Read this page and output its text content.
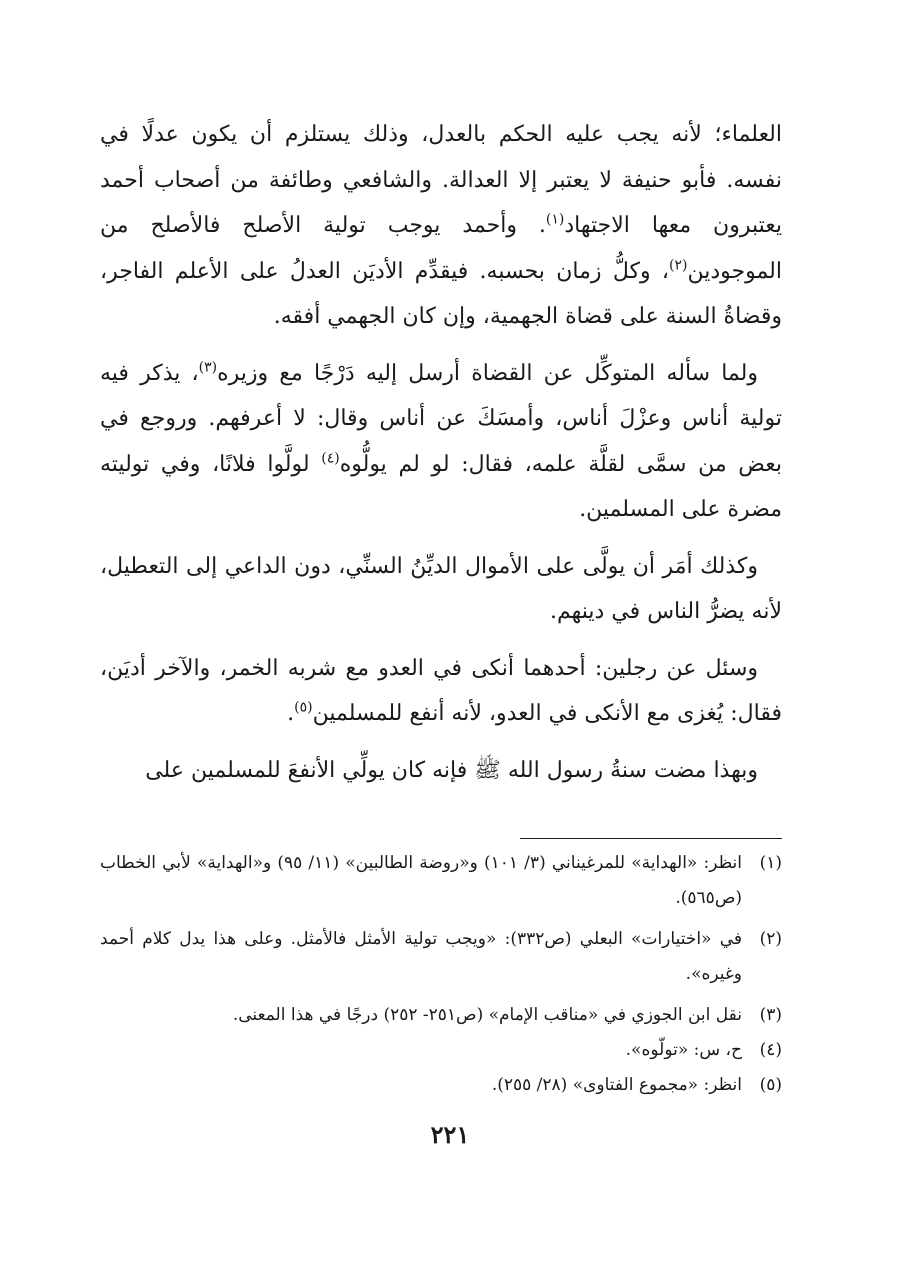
العلماء؛ لأنه يجب عليه الحكم بالعدل، وذلك يستلزم أن يكون عدلًا في نفسه. فأبو حنيفة لا يعتبر إلا العدالة. والشافعي وطائفة من أصحاب أحمد يعتبرون معها الاجتهاد$^{(١)}$. وأحمد يوجب تولية الأصلح فالأصلح من الموجودين$^{(٢)}$، وكلُّ زمان بحسبه. فيقدِّم الأديَن العدلُ على الأعلم الفاجر، وقضاةُ السنة على قضاة الجهمية، وإن كان الجهمي أفقه.

ولما سأله المتوكِّل عن القضاة أرسل إليه دَرْجًا مع وزيره$^{(٣)}$، يذكر فيه تولية أناس وعزْلَ أناس، وأمسَكَ عن أناس وقال: لا أعرفهم. وروجع في بعض من سمَّى لقلَّة علمه، فقال: لو لم يولُّوه$^{(٤)}$ لولَّوا فلانًا، وفي توليته مضرة على المسلمين.

وكذلك أمَر أن يولَّى على الأموال الديِّنُ السنِّي، دون الداعي إلى التعطيل، لأنه يضرُّ الناس في دينهم.

وسئل عن رجلين: أحدهما أنكى في العدو مع شربه الخمر، والآخر أديَن، فقال: يُغزى مع الأنكى في العدو، لأنه أنفع للمسلمين$^{(٥)}$.

وبهذا مضت سنةُ رسول الله ﷺ فإنه كان يولِّي الأنفعَ للمسلمين على

(١)
انظر: «الهداية» للمرغيناني (٣/ ١٠١) و«روضة الطالبين» (١١/ ٩٥) و«الهداية» لأبي الخطاب (ص٥٦٥).
(٢)
في «اختيارات» البعلي (ص٣٣٢): «ويجب تولية الأمثل فالأمثل. وعلى هذا يدل كلام أحمد وغيره».
(٣)
نقل ابن الجوزي في «مناقب الإمام» (ص٢٥١- ٢٥٢) درجًا في هذا المعنى.
(٤)
ح، س: «تولّوه».
(٥)
انظر: «مجموع الفتاوى» (٢٨/ ٢٥٥).
٢٢١
